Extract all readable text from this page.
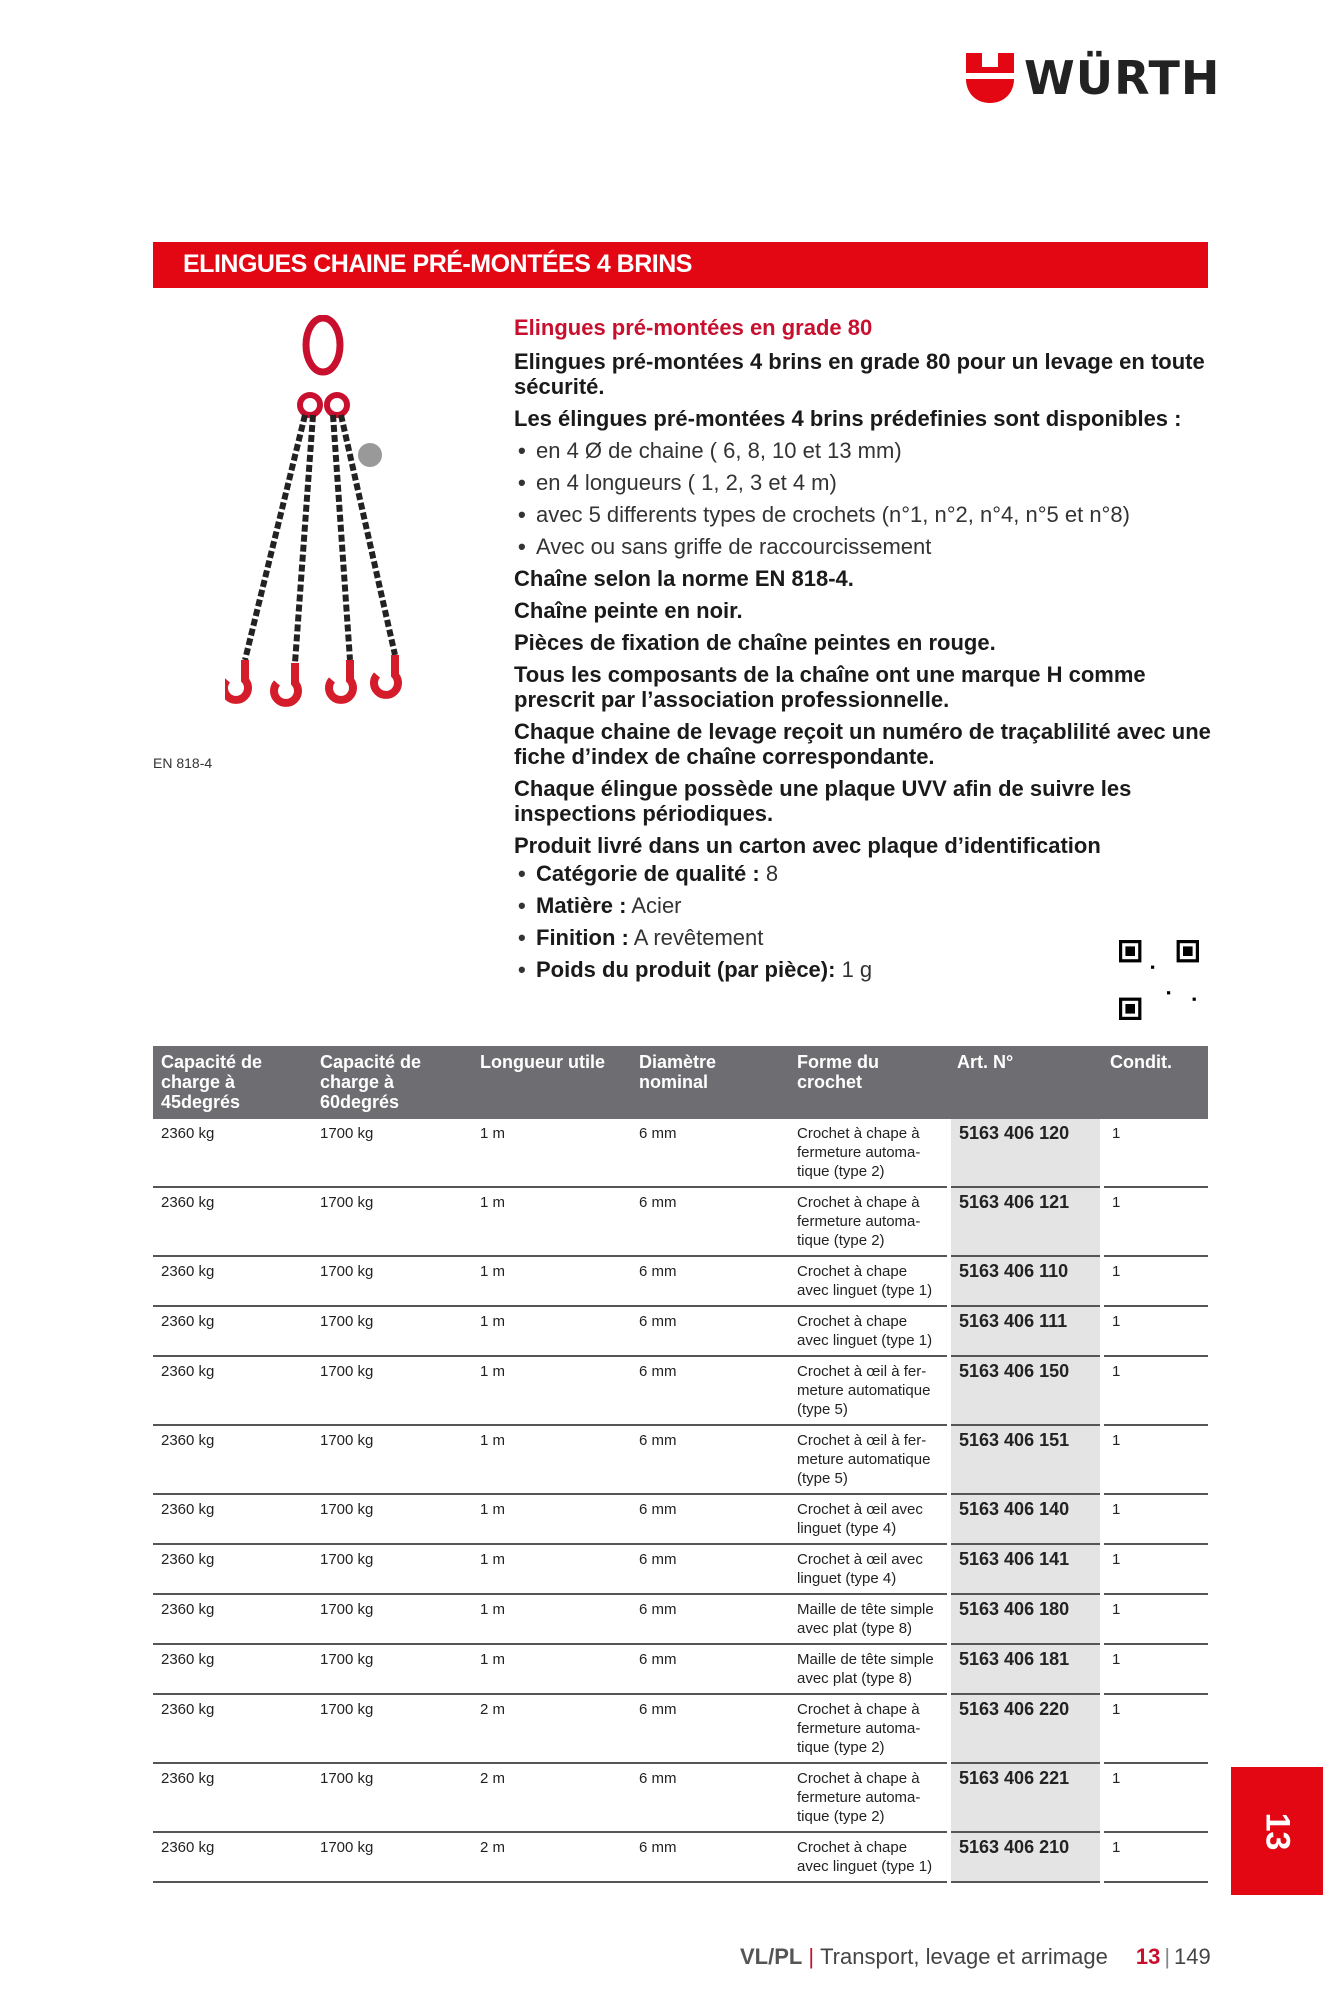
WÜRTH
ELINGUES CHAINE PRÉ-MONTÉES 4 BRINS
EN 818-4
Elingues pré-montées en grade 80
Elingues pré-montées 4 brins en grade 80 pour un levage en toute sécurité.
Les élingues pré-montées 4 brins prédefinies sont disponibles :
• en 4 Ø de chaine ( 6, 8, 10 et 13 mm)
• en 4 longueurs ( 1, 2, 3 et 4 m)
• avec 5 differents types de crochets (n°1, n°2, n°4, n°5 et n°8)
• Avec ou sans griffe de raccourcissement
Chaîne selon la norme EN 818-4.
Chaîne peinte en noir.
Pièces de fixation de chaîne peintes en rouge.
Tous les composants de la chaîne ont une marque H comme prescrit par l’association professionnelle.
Chaque chaine de levage reçoit un numéro de traçablilité avec une fiche d’index de chaîne correspondante.
Chaque élingue possède une plaque UVV afin de suivre les inspections périodiques.
Produit livré dans un carton avec plaque d’identification
• Catégorie de qualité : 8
• Matière : Acier
• Finition : A revêtement
• Poids du produit (par pièce): 1 g
Capacité de charge à 45degrés	Capacité de charge à 60degrés	Longueur utile	Diamètre nominal	Forme du crochet	Art. N°	Condit.
2360 kg	1700 kg	1 m	6 mm	Crochet à chape à fermeture automa-tique (type 2)	5163 406 120	1
2360 kg	1700 kg	1 m	6 mm	Crochet à chape à fermeture automa-tique (type 2)	5163 406 121	1
2360 kg	1700 kg	1 m	6 mm	Crochet à chape avec linguet (type 1)	5163 406 110	1
2360 kg	1700 kg	1 m	6 mm	Crochet à chape avec linguet (type 1)	5163 406 111	1
2360 kg	1700 kg	1 m	6 mm	Crochet à œil à fer-meture automatique (type 5)	5163 406 150	1
2360 kg	1700 kg	1 m	6 mm	Crochet à œil à fer-meture automatique (type 5)	5163 406 151	1
2360 kg	1700 kg	1 m	6 mm	Crochet à œil avec linguet (type 4)	5163 406 140	1
2360 kg	1700 kg	1 m	6 mm	Crochet à œil avec linguet (type 4)	5163 406 141	1
2360 kg	1700 kg	1 m	6 mm	Maille de tête simple avec plat (type 8)	5163 406 180	1
2360 kg	1700 kg	1 m	6 mm	Maille de tête simple avec plat (type 8)	5163 406 181	1
2360 kg	1700 kg	2 m	6 mm	Crochet à chape à fermeture automa-tique (type 2)	5163 406 220	1
2360 kg	1700 kg	2 m	6 mm	Crochet à chape à fermeture automa-tique (type 2)	5163 406 221	1
2360 kg	1700 kg	2 m	6 mm	Crochet à chape avec linguet (type 1)	5163 406 210	1	13
VL/PL | Transport, levage et arrimage 13 | 149
